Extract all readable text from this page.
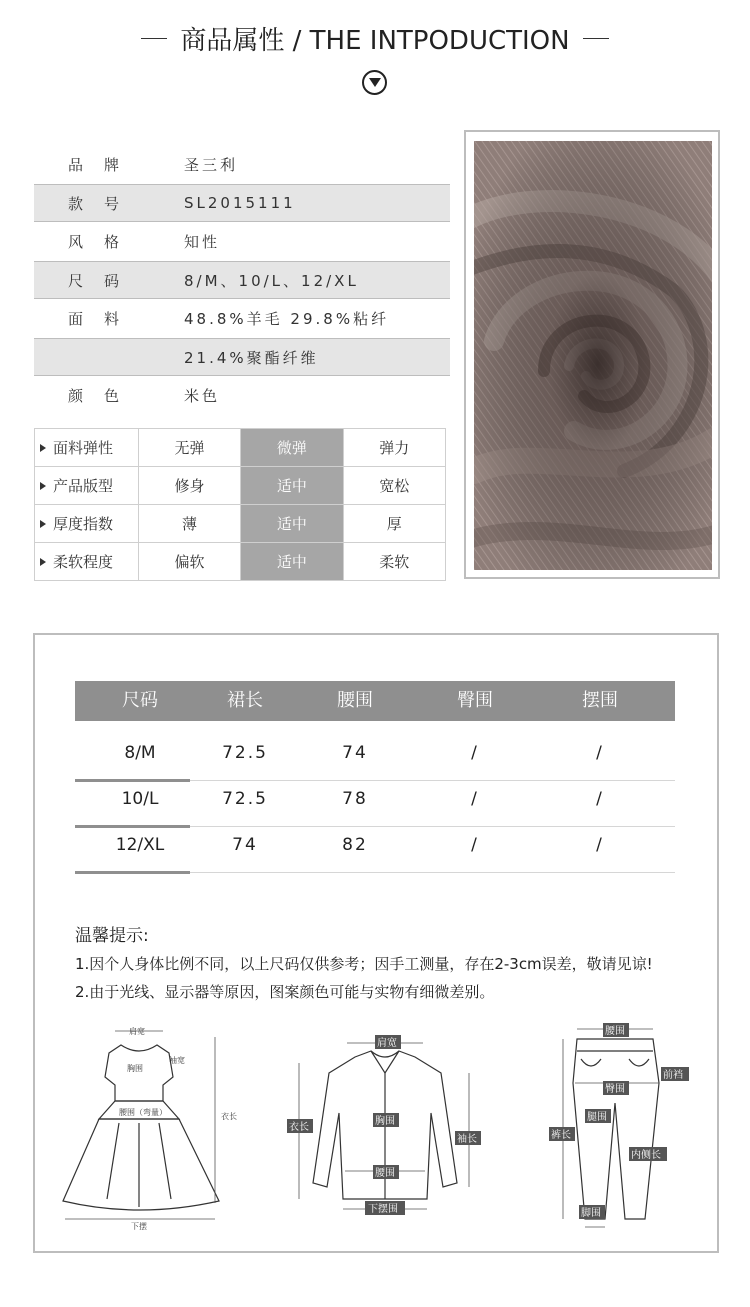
商品属性 / THE INTPODUCTION
品牌	圣三利
款号	SL2015111
风格	知性
尺码	8/M、10/L、12/XL
面料	48.8%羊毛 29.8%粘纤
21.4%聚酯纤维
颜色	米色
面料弹性	无弹	微弹	弹力
产品版型	修身	适中	宽松
厚度指数	薄	适中	厚
柔软程度	偏软	适中	柔软
尺码	裙长	腰围	臀围	摆围
8/M	72.5	74	/	/
10/L	72.5	78	/	/
12/XL	74	82	/	/
温馨提示:
1.因个人身体比例不同，以上尺码仅供参考；因手工测量，存在2-3cm误差，敬请见谅!
2.由于光线、显示器等原因，图案颜色可能与实物有细微差别。
肩宽
袖宽
胸围
腰围（弯量）	衣长
下摆
肩宽
衣长
胸围
袖长
腰围
下摆围
腰围
前裆
臀围
腿围
裤长
内侧长
脚围
